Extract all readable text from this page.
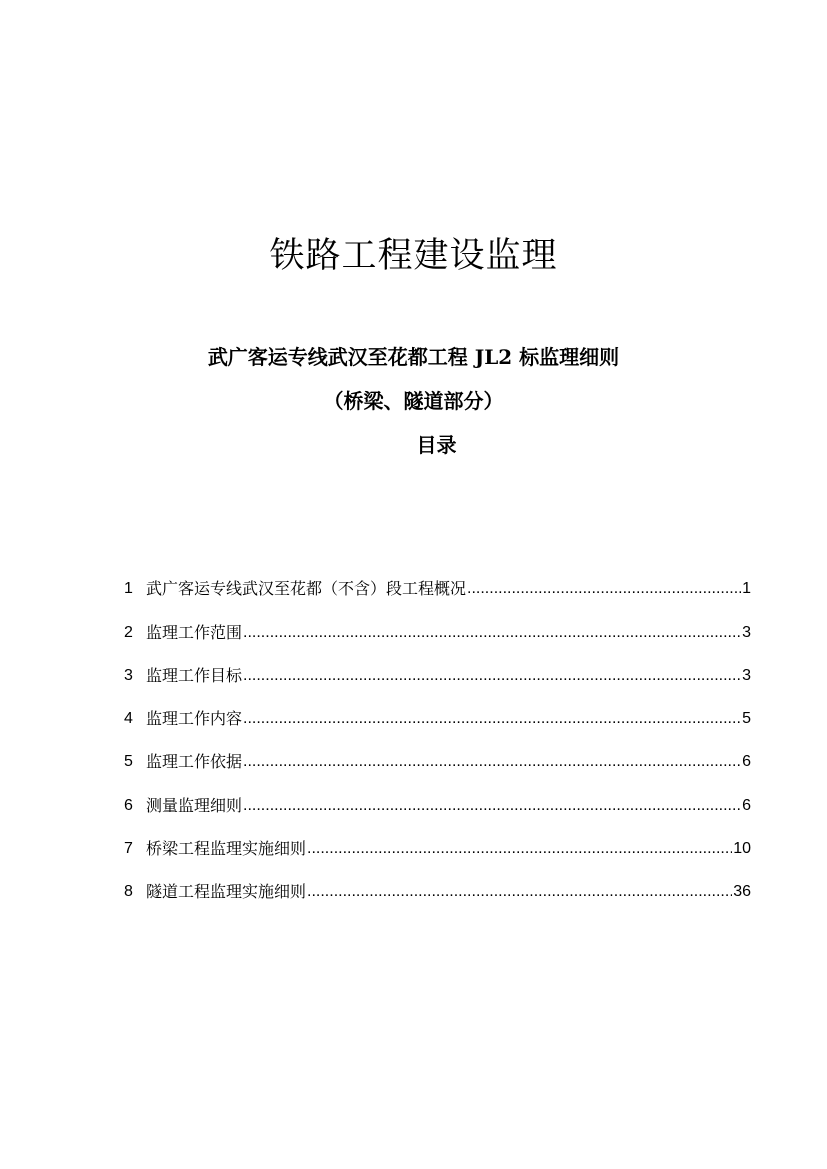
铁路工程建设监理
武广客运专线武汉至花都工程 JL2 标监理细则
（桥梁、隧道部分）
目录
1 武广客运专线武汉至花都（不含）段工程概况 .....	1
2 监理工作范围 .....	3
3 监理工作目标 .....	3
4 监理工作内容 .....	5
5 监理工作依据 .....	6
6 测量监理细则 .....	6
7 桥梁工程监理实施细则 .....	10
8 隧道工程监理实施细则 .....	36
